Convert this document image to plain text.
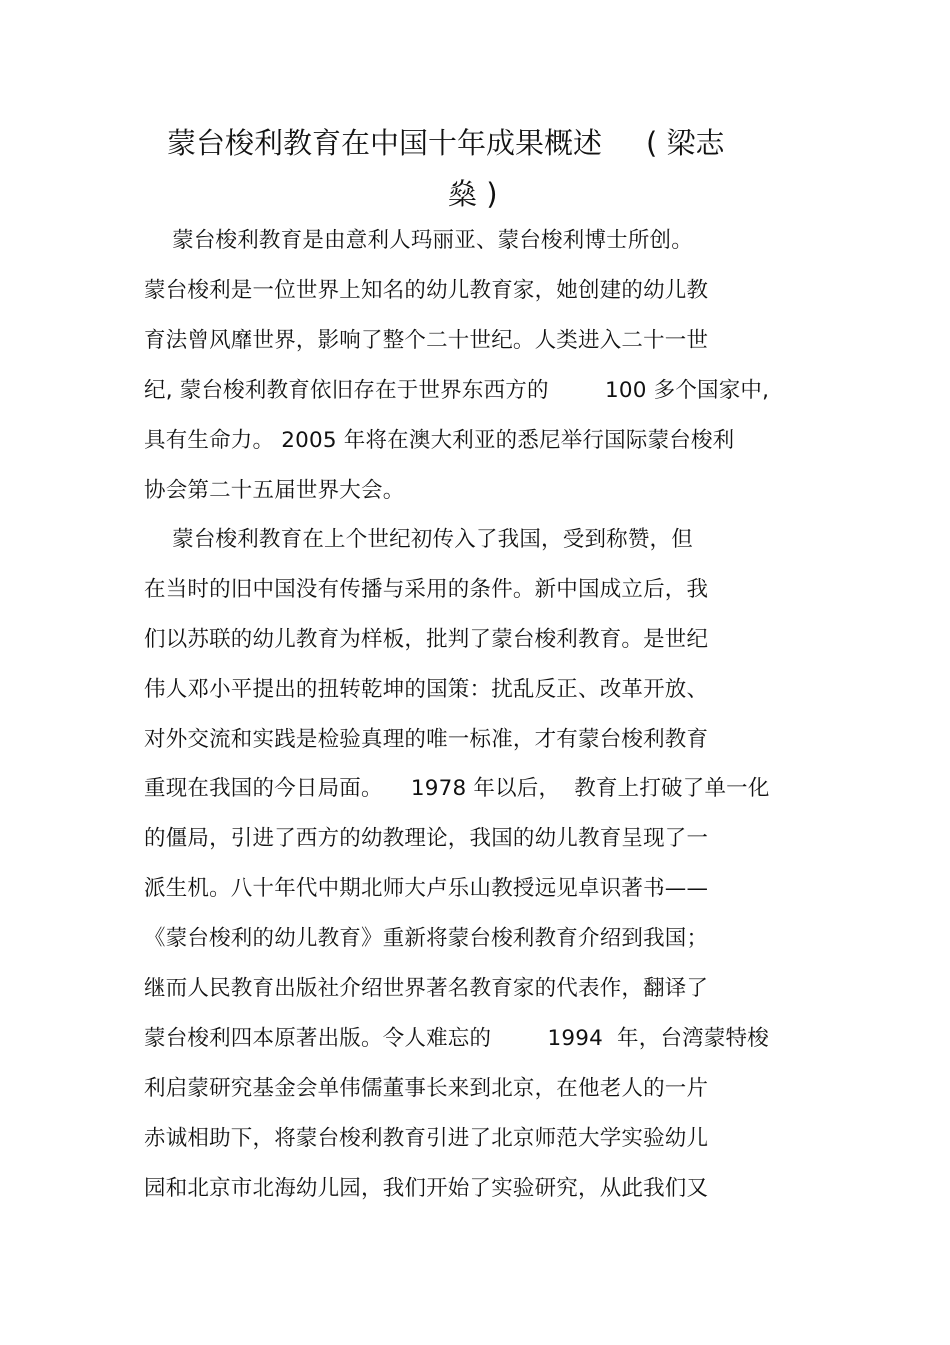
蒙台梭利教育在中国十年成果概述 ( 梁志
燊 )
蒙台梭利教育是由意利人玛丽亚、蒙台梭利博士所创。
蒙台梭利是一位世界上知名的幼儿教育家，她创建的幼儿教
育法曾风靡世界，影响了整个二十世纪。人类进入二十一世
纪, 蒙台梭利教育依旧存在于世界东西方的        100 多个国家中,
具有生命力。 2005 年将在澳大利亚的悉尼举行国际蒙台梭利
协会第二十五届世界大会。
蒙台梭利教育在上个世纪初传入了我国，受到称赞，但
在当时的旧中国没有传播与采用的条件。新中国成立后，我
们以苏联的幼儿教育为样板，批判了蒙台梭利教育。是世纪
伟人邓小平提出的扭转乾坤的国策：扰乱反正、改革开放、
对外交流和实践是检验真理的唯一标准，才有蒙台梭利教育
重现在我国的今日局面。    1978 年以后，  教育上打破了单一化
的僵局，引进了西方的幼教理论，我国的幼儿教育呈现了一
派生机。八十年代中期北师大卢乐山教授远见卓识著书——
《蒙台梭利的幼儿教育》重新将蒙台梭利教育介绍到我国；
继而人民教育出版社介绍世界著名教育家的代表作，翻译了
蒙台梭利四本原著出版。令人难忘的        1994  年，台湾蒙特梭
利启蒙研究基金会单伟儒董事长来到北京，在他老人的一片
赤诚相助下，将蒙台梭利教育引进了北京师范大学实验幼儿
园和北京市北海幼儿园，我们开始了实验研究，从此我们又
